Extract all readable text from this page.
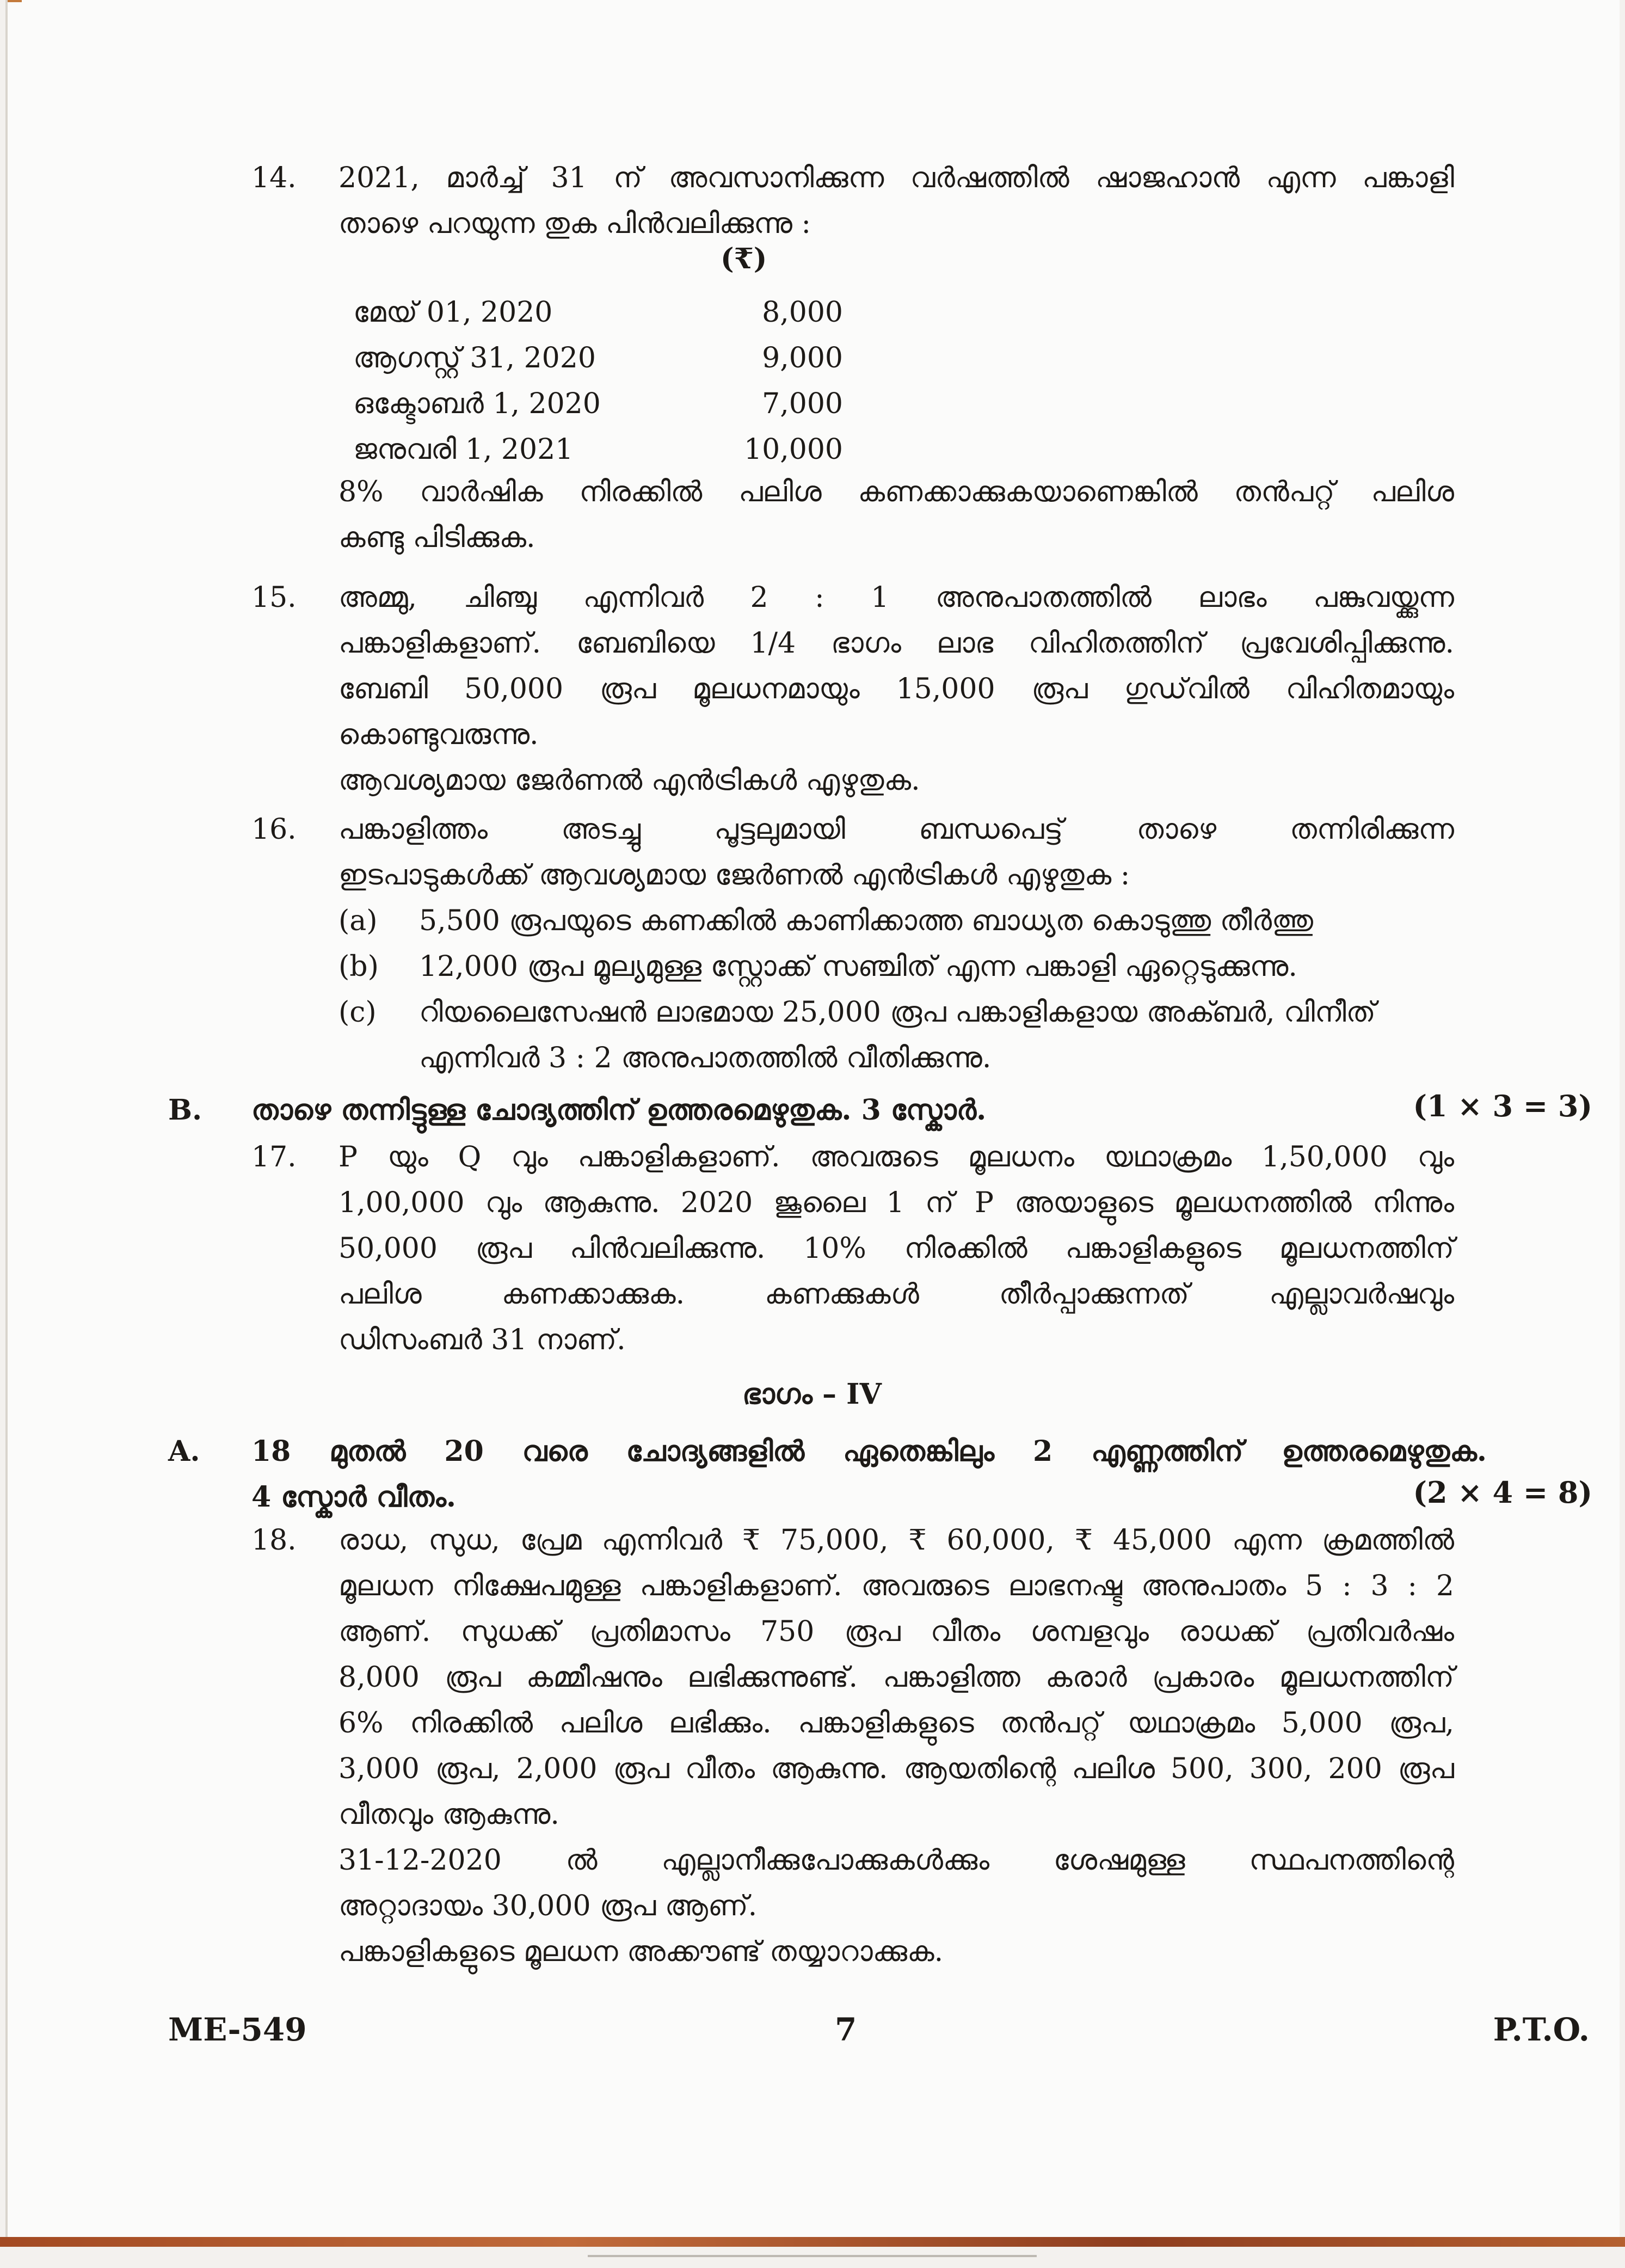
14. 2021, മാർച്ച് 31 ന് അവസാനിക്കുന്ന വർഷത്തിൽ ഷാജഹാൻ എന്ന പങ്കാളി
താഴെ പറയുന്ന തുക പിൻവലിക്കുന്നു :
(₹)
മേയ് 01, 2020	8,000
ആഗസ്റ്റ് 31, 2020	9,000
ഒക്ടോബർ 1, 2020	7,000
ജനുവരി 1, 2021	10,000
8% വാർഷിക നിരക്കിൽ പലിശ കണക്കാക്കുകയാണെങ്കിൽ തൻപറ്റ് പലിശ
കണ്ടു പിടിക്കുക.
15. അമ്മു, ചിഞ്ചു എന്നിവർ 2 : 1 അനുപാതത്തിൽ ലാഭം പങ്കുവയ്ക്കുന്ന
പങ്കാളികളാണ്. ബേബിയെ 1/4 ഭാഗം ലാഭ വിഹിതത്തിന് പ്രവേശിപ്പിക്കുന്നു.
ബേബി 50,000 രൂപ മൂലധനമായും 15,000 രൂപ ഗുഡ്‌വിൽ വിഹിതമായും
കൊണ്ടുവരുന്നു.
ആവശ്യമായ ജേർണൽ എൻട്രികൾ എഴുതുക.
16. പങ്കാളിത്തം അടച്ചു പൂട്ടലുമായി ബന്ധപെട്ട് താഴെ തന്നിരിക്കുന്ന
ഇടപാടുകൾക്ക് ആവശ്യമായ ജേർണൽ എൻട്രികൾ എഴുതുക :
(a) 5,500 രൂപയുടെ കണക്കിൽ കാണിക്കാത്ത ബാധ്യത കൊടുത്തു തീർത്തു
(b) 12,000 രൂപ മൂല്യമുള്ള സ്റ്റോക്ക് സഞ്ചിത് എന്ന പങ്കാളി ഏറ്റെടുക്കുന്നു.
(c) റിയലൈസേഷൻ ലാഭമായ 25,000 രൂപ പങ്കാളികളായ അക്ബർ, വിനീത്
എന്നിവർ 3 : 2 അനുപാതത്തിൽ വീതിക്കുന്നു.
B. താഴെ തന്നിട്ടുള്ള ചോദ്യത്തിന് ഉത്തരമെഴുതുക. 3 സ്കോർ.	(1 × 3 = 3)
17. P യും Q വും പങ്കാളികളാണ്. അവരുടെ മൂലധനം യഥാക്രമം 1,50,000 വും
1,00,000 വും ആകുന്നു. 2020 ജൂലൈ 1 ന് P അയാളുടെ മൂലധനത്തിൽ നിന്നും
50,000 രൂപ പിൻവലിക്കുന്നു. 10% നിരക്കിൽ പങ്കാളികളുടെ മൂലധനത്തിന്
പലിശ കണക്കാക്കുക. കണക്കുകൾ തീർപ്പാക്കുന്നത് എല്ലാവർഷവും
ഡിസംബർ 31 നാണ്.
ഭാഗം – IV
A. 18 മുതൽ 20 വരെ ചോദ്യങ്ങളിൽ ഏതെങ്കിലും 2 എണ്ണത്തിന് ഉത്തരമെഴുതുക.
4 സ്കോർ വീതം.	(2 × 4 = 8)
18. രാധ, സുധ, പ്രേമ എന്നിവർ ₹ 75,000, ₹ 60,000, ₹ 45,000 എന്ന ക്രമത്തിൽ
മൂലധന നിക്ഷേപമുള്ള പങ്കാളികളാണ്. അവരുടെ ലാഭനഷ്ട അനുപാതം 5 : 3 : 2
ആണ്. സുധക്ക് പ്രതിമാസം 750 രൂപ വീതം ശമ്പളവും രാധക്ക് പ്രതിവർഷം
8,000 രൂപ കമ്മീഷനും ലഭിക്കുന്നുണ്ട്. പങ്കാളിത്ത കരാർ പ്രകാരം മൂലധനത്തിന്
6% നിരക്കിൽ പലിശ ലഭിക്കും. പങ്കാളികളുടെ തൻപറ്റ് യഥാക്രമം 5,000 രൂപ,
3,000 രൂപ, 2,000 രൂപ വീതം ആകുന്നു. ആയതിന്റെ പലിശ 500, 300, 200 രൂപ
വീതവും ആകുന്നു.
31-12-2020 ൽ എല്ലാനീക്കുപോക്കുകൾക്കും ശേഷമുള്ള സ്ഥപനത്തിന്റെ
അറ്റാദായം 30,000 രൂപ ആണ്.
പങ്കാളികളുടെ മൂലധന അക്കൗണ്ട് തയ്യാറാക്കുക.
ME-549	7	P.T.O.
